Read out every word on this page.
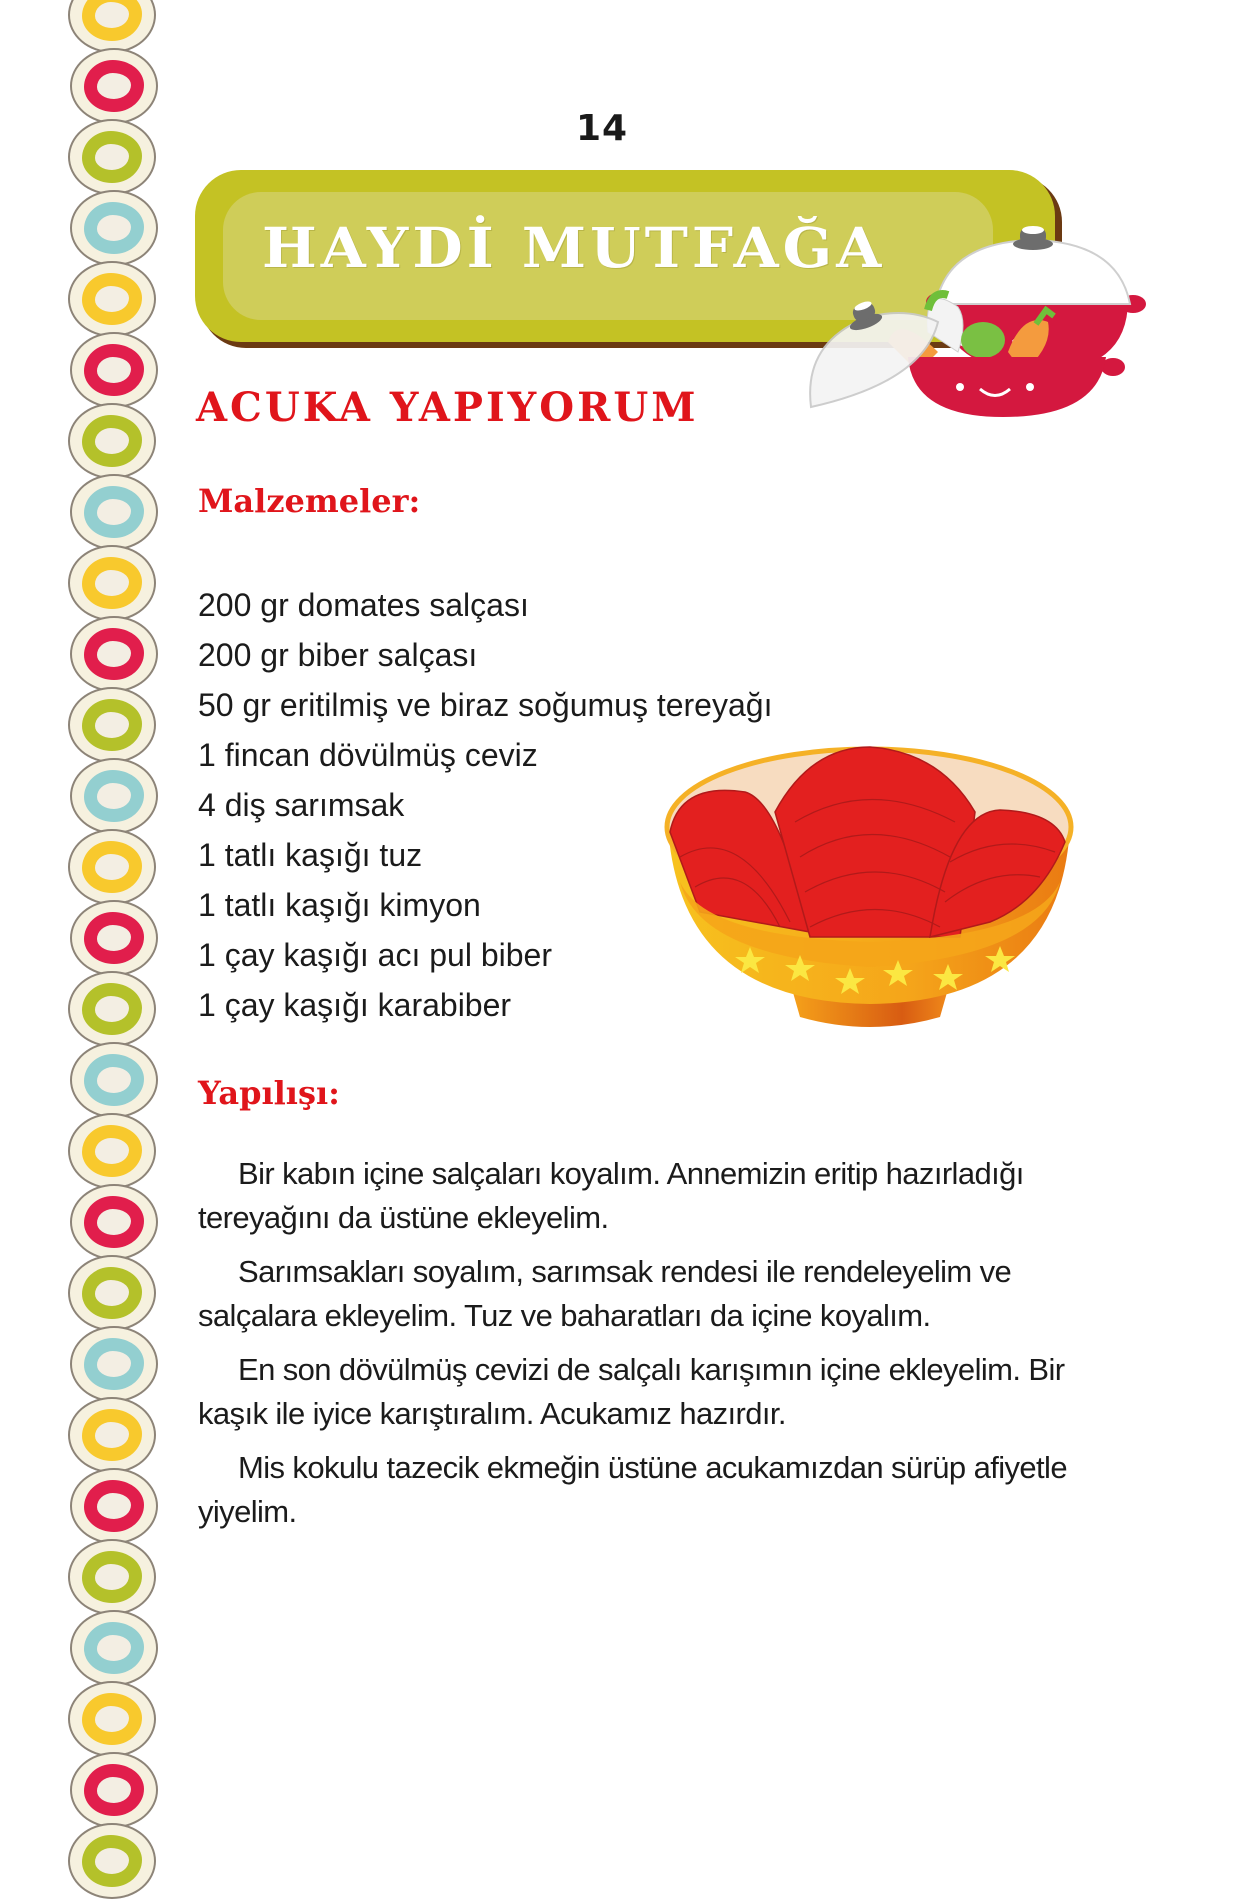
14
HAYDİ MUTFAĞA
ACUKA YAPIYORUM
Malzemeler:
200 gr domates salçası
200 gr biber salçası
50 gr eritilmiş ve biraz soğumuş tereyağı
1 fincan dövülmüş ceviz
4 diş sarımsak
1 tatlı kaşığı tuz
1 tatlı kaşığı kimyon
1 çay kaşığı acı pul biber
1 çay kaşığı karabiber
Yapılışı:

Bir kabın içine salçaları koyalım. Annemizin eritip hazırladığı tereyağını da üstüne ekleyelim.

Sarımsakları soyalım, sarımsak rendesi ile rendeleyelim ve salçalara ekleyelim. Tuz ve baharatları da içine koyalım.

En son dövülmüş cevizi de salçalı karışımın içine ekleyelim. Bir kaşık ile iyice karıştıralım. Acukamız hazırdır.

Mis kokulu tazecik ekmeğin üstüne acukamızdan sürüp afiyetle yiyelim.
